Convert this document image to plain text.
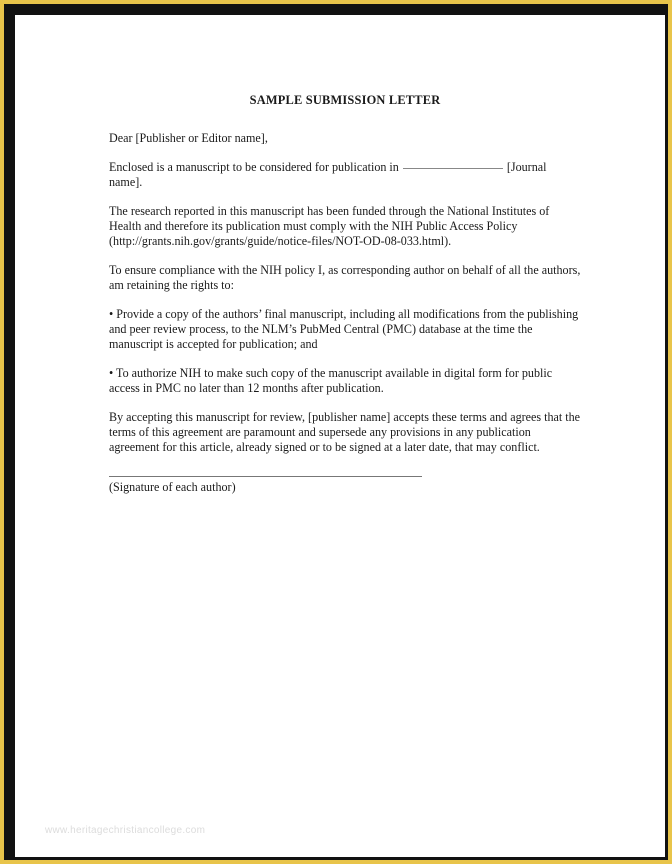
SAMPLE SUBMISSION LETTER
Dear [Publisher or Editor name],
Enclosed is a manuscript to be considered for publication in	[Journal name].
The research reported in this manuscript has been funded through the National Institutes of Health and therefore its publication must comply with the NIH Public Access Policy (http://grants.nih.gov/grants/guide/notice-files/NOT-OD-08-033.html).
To ensure compliance with the NIH policy I, as corresponding author on behalf of all the authors, am retaining the rights to:
• Provide a copy of the authors’ final manuscript, including all modifications from the publishing and peer review process, to the NLM’s PubMed Central (PMC) database at the time the manuscript is accepted for publication; and
• To authorize NIH to make such copy of the manuscript available in digital form for public access in PMC no later than 12 months after publication.
By accepting this manuscript for review, [publisher name] accepts these terms and agrees that the terms of this agreement are paramount and supersede any provisions in any publication agreement for this article, already signed or to be signed at a later date, that may conflict.
(Signature of each author)
www.heritagechristiancollege.com
